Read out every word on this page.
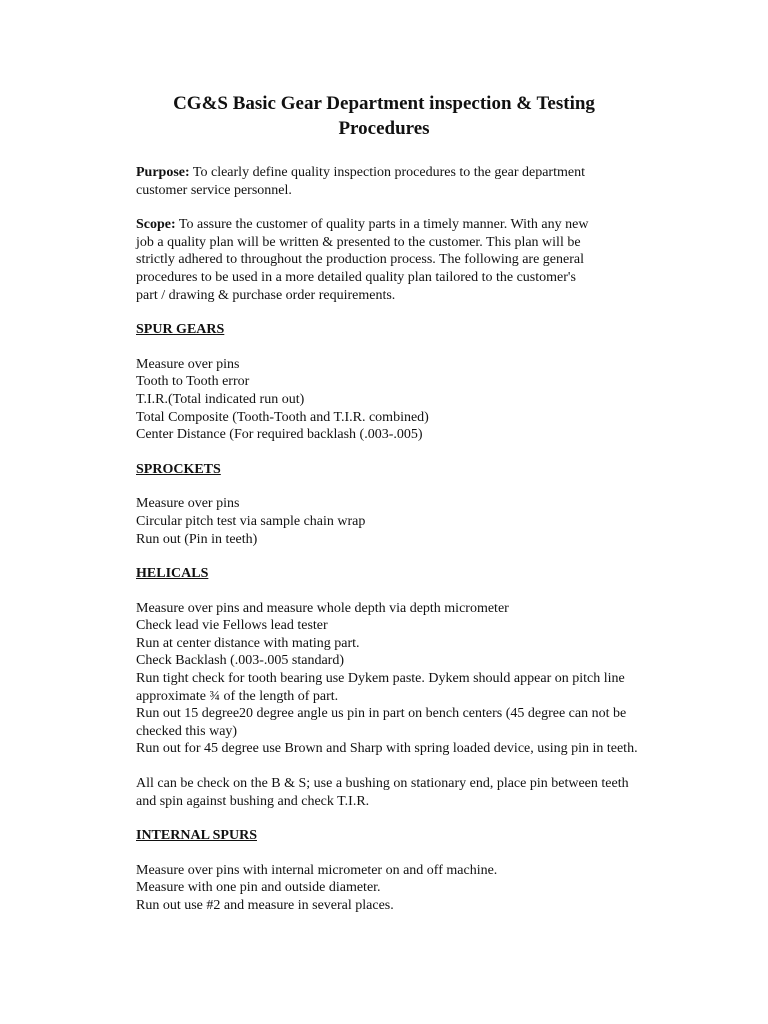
CG&S Basic Gear Department inspection & Testing
Procedures

Purpose: To clearly define quality inspection procedures to the gear department
customer service personnel.

Scope: To assure the customer of quality parts in a timely manner. With any new
job a quality plan will be written & presented to the customer. This plan will be
strictly adhered to throughout the production process. The following are general
procedures to be used in a more detailed quality plan tailored to the customer's
part / drawing & purchase order requirements.

SPUR GEARS
Measure over pins
Tooth to Tooth error
T.I.R.(Total indicated run out)
Total Composite (Tooth-Tooth and T.I.R. combined)
Center Distance (For required backlash (.003-.005)
SPROCKETS
Measure over pins
Circular pitch test via sample chain wrap
Run out (Pin in teeth)
HELICALS
Measure over pins and measure whole depth via depth micrometer
Check lead vie Fellows lead tester
Run at center distance with mating part.
Check Backlash (.003-.005 standard)
Run tight check for tooth bearing use Dykem paste. Dykem should appear on pitch line
approximate ¾ of the length of part.
Run out 15 degree20 degree angle us pin in part on bench centers (45 degree can not be
checked this way)
Run out for 45 degree use Brown and Sharp with spring loaded device, using pin in teeth.
All can be check on the B & S; use a bushing on stationary end, place pin between teeth
and spin against bushing and check T.I.R.
INTERNAL SPURS
Measure over pins with internal micrometer on and off machine.
Measure with one pin and outside diameter.
Run out use #2 and measure in several places.
